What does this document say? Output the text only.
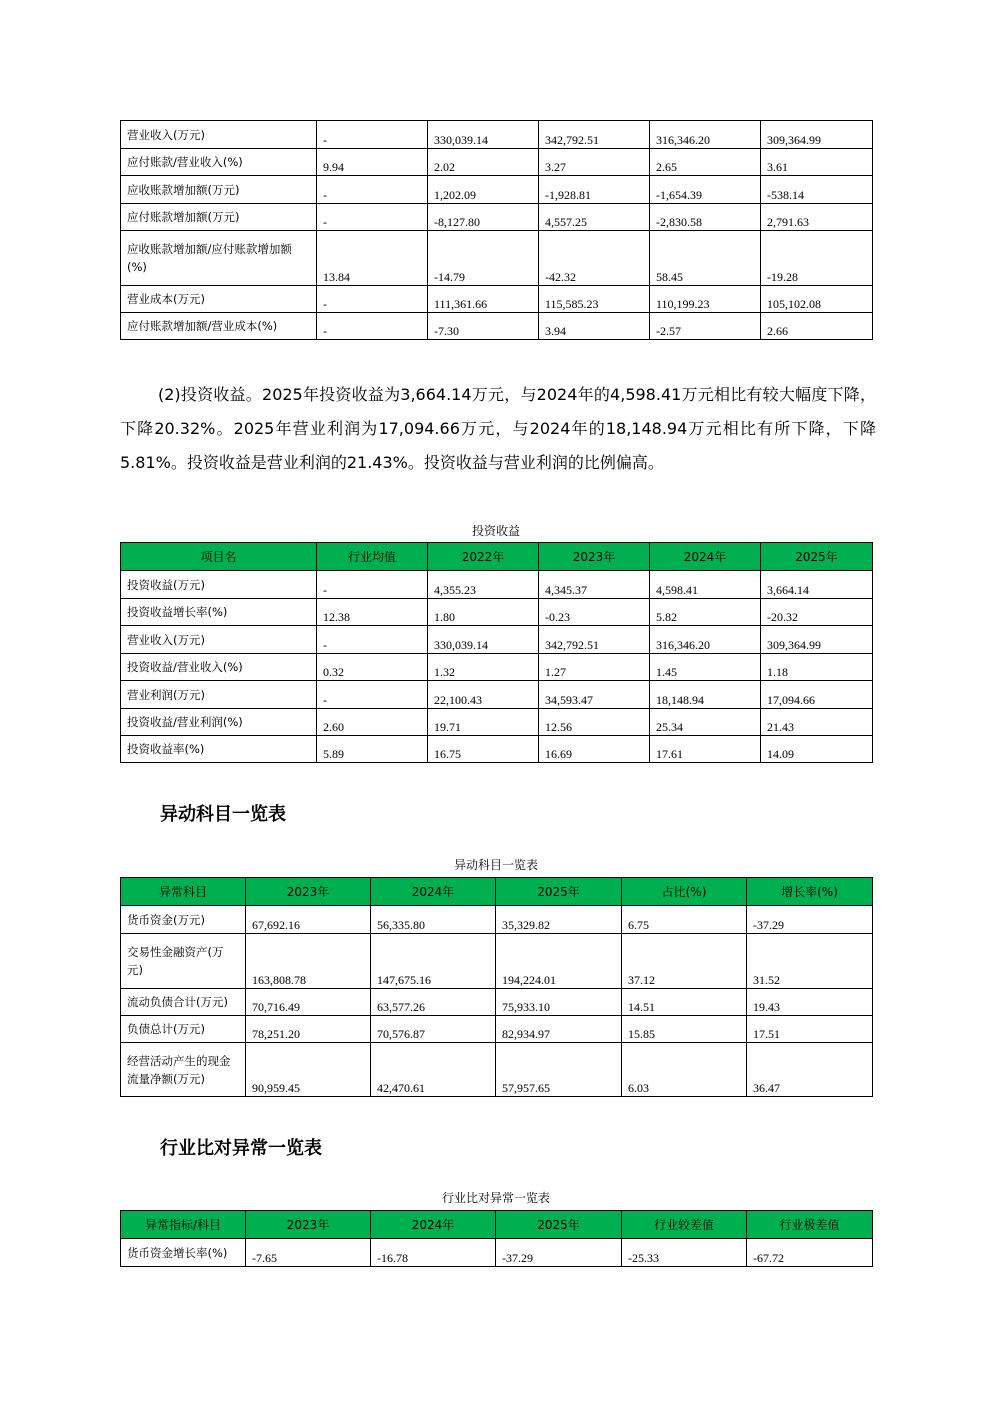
营业收入(万元)	-	330,039.14	342,792.51	316,346.20	309,364.99
应付账款/营业收入(%)	9.94	2.02	3.27	2.65	3.61
应收账款增加额(万元)	-	1,202.09	-1,928.81	-1,654.39	-538.14
应付账款增加额(万元)	-	-8,127.80	4,557.25	-2,830.58	2,791.63
应收账款增加额/应付账款增加额(%)	13.84	-14.79	-42.32	58.45	-19.28
营业成本(万元)	-	111,361.66	115,585.23	110,199.23	105,102.08
应付账款增加额/营业成本(%)	-	-7.30	3.94	-2.57	2.66
(2)投资收益。2025年投资收益为3,664.14万元，与2024年的4,598.41万元相比有较大幅度下降，下降20.32%。2025年营业利润为17,094.66万元，与2024年的18,148.94万元相比有所下降，下降5.81%。投资收益是营业利润的21.43%。投资收益与营业利润的比例偏高。
投资收益
项目名	行业均值	2022年	2023年	2024年	2025年
投资收益(万元)	-	4,355.23	4,345.37	4,598.41	3,664.14
投资收益增长率(%)	12.38	1.80	-0.23	5.82	-20.32
营业收入(万元)	-	330,039.14	342,792.51	316,346.20	309,364.99
投资收益/营业收入(%)	0.32	1.32	1.27	1.45	1.18
营业利润(万元)	-	22,100.43	34,593.47	18,148.94	17,094.66
投资收益/营业利润(%)	2.60	19.71	12.56	25.34	21.43
投资收益率(%)	5.89	16.75	16.69	17.61	14.09
异动科目一览表
异动科目一览表
异常科目	2023年	2024年	2025年	占比(%)	增长率(%)
货币资金(万元)	67,692.16	56,335.80	35,329.82	6.75	-37.29
交易性金融资产(万元)	163,808.78	147,675.16	194,224.01	37.12	31.52
流动负债合计(万元)	70,716.49	63,577.26	75,933.10	14.51	19.43
负债总计(万元)	78,251.20	70,576.87	82,934.97	15.85	17.51
经营活动产生的现金流量净额(万元)	90,959.45	42,470.61	57,957.65	6.03	36.47
行业比对异常一览表
行业比对异常一览表
异常指标/科目	2023年	2024年	2025年	行业较差值	行业极差值
货币资金增长率(%)	-7.65	-16.78	-37.29	-25.33	-67.72
